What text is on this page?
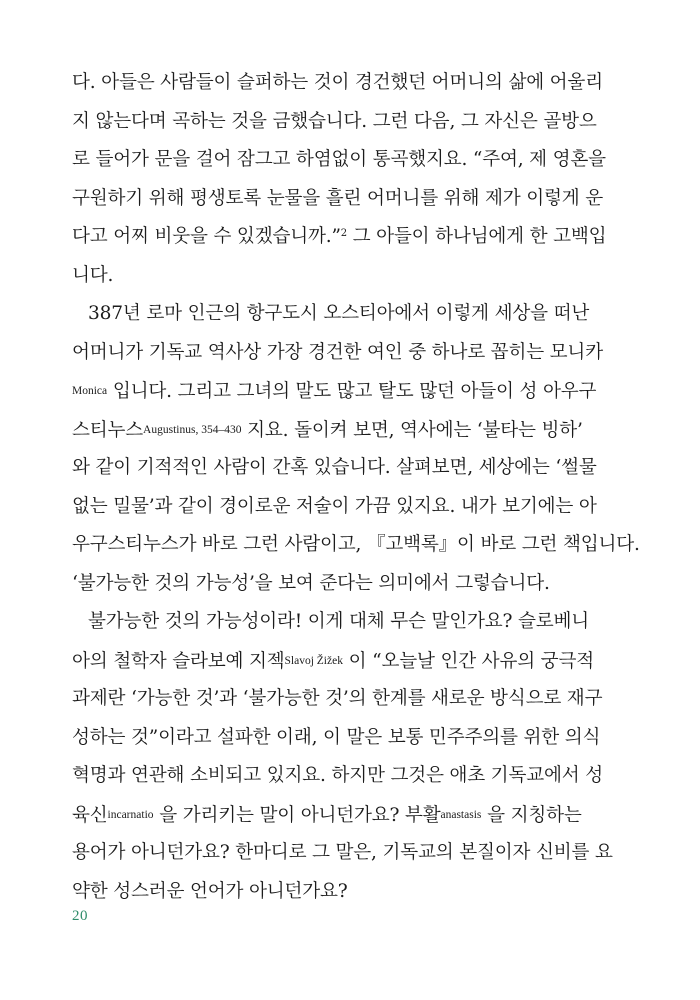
다. 아들은 사람들이 슬퍼하는 것이 경건했던 어머니의 삶에 어울리
지 않는다며 곡하는 것을 금했습니다. 그런 다음, 그 자신은 골방으
로 들어가 문을 걸어 잠그고 하염없이 통곡했지요. “주여, 제 영혼을
구원하기 위해 평생토록 눈물을 흘린 어머니를 위해 제가 이렇게 운
다고 어찌 비웃을 수 있겠습니까.”$^2$ 그 아들이 하나님에게 한 고백입
니다.
387년 로마 인근의 항구도시 오스티아에서 이렇게 세상을 떠난
어머니가 기독교 역사상 가장 경건한 여인 중 하나로 꼽히는 모니카
Monica 입니다. 그리고 그녀의 말도 많고 탈도 많던 아들이 성 아우구
스티누스Augustinus, 354–430 지요. 돌이켜 보면, 역사에는 ‘불타는 빙하’
와 같이 기적적인 사람이 간혹 있습니다. 살펴보면, 세상에는 ‘썰물
없는 밀물’과 같이 경이로운 저술이 가끔 있지요. 내가 보기에는 아
우구스티누스가 바로 그런 사람이고, 『고백록』이 바로 그런 책입니다.
‘불가능한 것의 가능성’을 보여 준다는 의미에서 그렇습니다.
불가능한 것의 가능성이라! 이게 대체 무슨 말인가요? 슬로베니
아의 철학자 슬라보예 지젝Slavoj Žižek 이 “오늘날 인간 사유의 궁극적
과제란 ‘가능한 것’과 ‘불가능한 것’의 한계를 새로운 방식으로 재구
성하는 것”이라고 설파한 이래, 이 말은 보통 민주주의를 위한 의식
혁명과 연관해 소비되고 있지요. 하지만 그것은 애초 기독교에서 성
육신incarnatio 을 가리키는 말이 아니던가요? 부활anastasis 을 지칭하는
용어가 아니던가요? 한마디로 그 말은, 기독교의 본질이자 신비를 요
약한 성스러운 언어가 아니던가요?
20
